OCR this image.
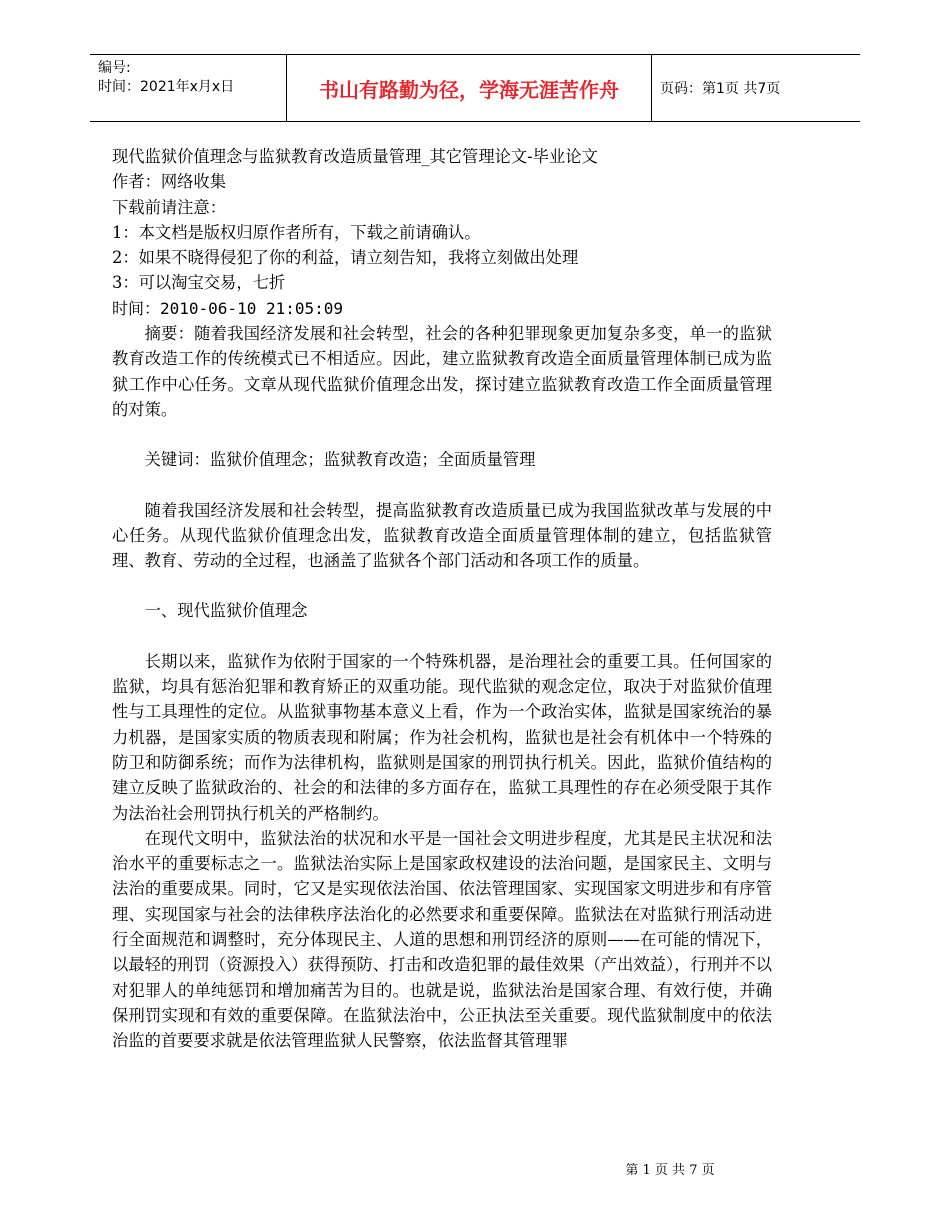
编号:
时间：2021年x月x日	书山有路勤为径，学海无涯苦作舟	页码：第1页 共7页

现代监狱价值理念与监狱教育改造质量管理_其它管理论文-毕业论文

作者：网络收集

下载前请注意：

1：本文档是版权归原作者所有，下载之前请确认。

2：如果不晓得侵犯了你的利益，请立刻告知，我将立刻做出处理

3：可以淘宝交易，七折

时间：2010-06-10 21:05:09

摘要：随着我国经济发展和社会转型，社会的各种犯罪现象更加复杂多变，单一的监狱教育改造工作的传统模式已不相适应。因此，建立监狱教育改造全面质量管理体制已成为监狱工作中心任务。文章从现代监狱价值理念出发，探讨建立监狱教育改造工作全面质量管理的对策。

关键词：监狱价值理念；监狱教育改造；全面质量管理

随着我国经济发展和社会转型，提高监狱教育改造质量已成为我国监狱改革与发展的中心任务。从现代监狱价值理念出发，监狱教育改造全面质量管理体制的建立，包括监狱管理、教育、劳动的全过程，也涵盖了监狱各个部门活动和各项工作的质量。

一、现代监狱价值理念

长期以来，监狱作为依附于国家的一个特殊机器，是治理社会的重要工具。任何国家的监狱，均具有惩治犯罪和教育矫正的双重功能。现代监狱的观念定位，取决于对监狱价值理性与工具理性的定位。从监狱事物基本意义上看，作为一个政治实体，监狱是国家统治的暴力机器，是国家实质的物质表现和附属；作为社会机构，监狱也是社会有机体中一个特殊的防卫和防御系统；而作为法律机构，监狱则是国家的刑罚执行机关。因此，监狱价值结构的建立反映了监狱政治的、社会的和法律的多方面存在，监狱工具理性的存在必须受限于其作为法治社会刑罚执行机关的严格制约。

在现代文明中，监狱法治的状况和水平是一国社会文明进步程度，尤其是民主状况和法治水平的重要标志之一。监狱法治实际上是国家政权建设的法治问题，是国家民主、文明与法治的重要成果。同时，它又是实现依法治国、依法管理国家、实现国家文明进步和有序管理、实现国家与社会的法律秩序法治化的必然要求和重要保障。监狱法在对监狱行刑活动进行全面规范和调整时，充分体现民主、人道的思想和刑罚经济的原则——在可能的情况下，以最轻的刑罚（资源投入）获得预防、打击和改造犯罪的最佳效果（产出效益），行刑并不以对犯罪人的单纯惩罚和增加痛苦为目的。也就是说，监狱法治是国家合理、有效行使，并确保刑罚实现和有效的重要保障。在监狱法治中，公正执法至关重要。现代监狱制度中的依法治监的首要要求就是依法管理监狱人民警察，依法监督其管理罪

第 1 页 共 7 页
